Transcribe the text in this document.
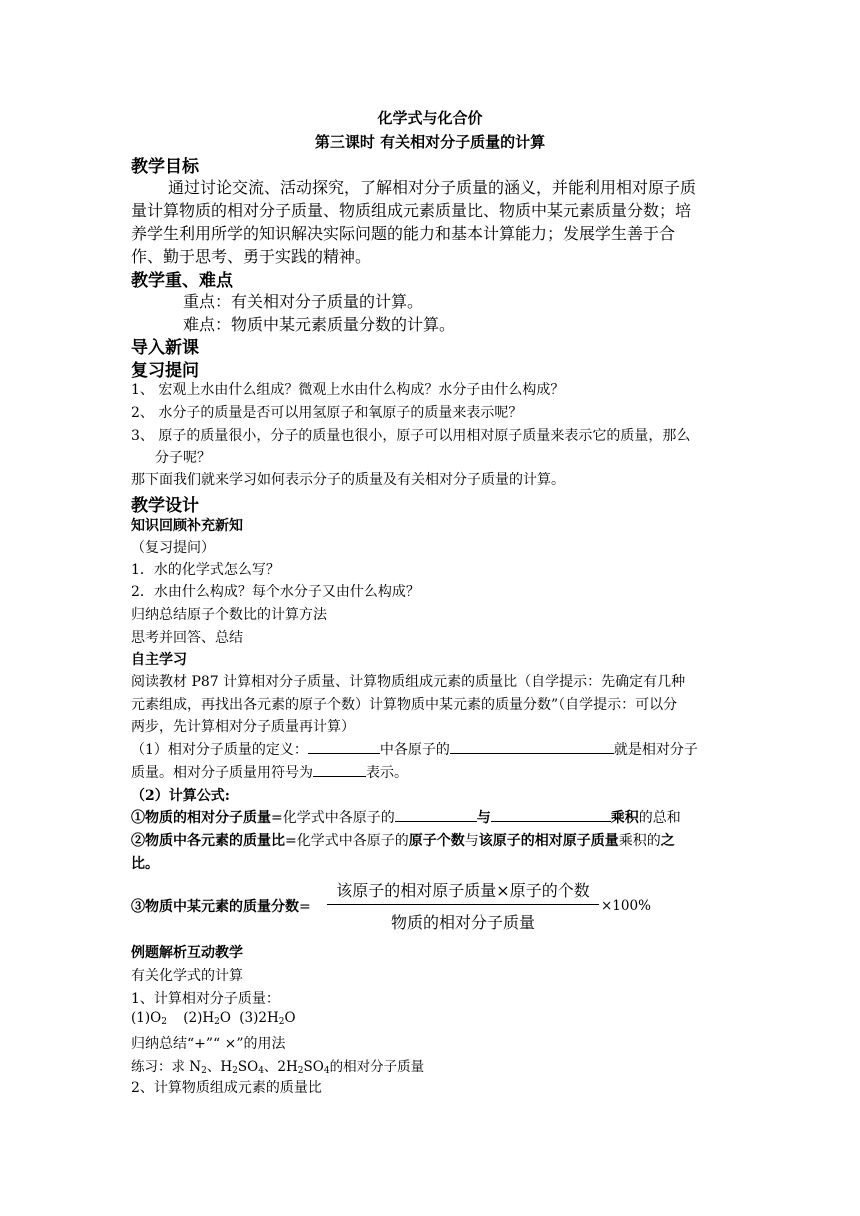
化学式与化合价
第三课时 有关相对分子质量的计算
教学目标
通过讨论交流、活动探究，了解相对分子质量的涵义，并能利用相对原子质
量计算物质的相对分子质量、物质组成元素质量比、物质中某元素质量分数；培
养学生利用所学的知识解决实际问题的能力和基本计算能力；发展学生善于合
作、勤于思考、勇于实践的精神。
教学重、难点
重点：有关相对分子质量的计算。
难点：物质中某元素质量分数的计算。
导入新课
复习提问
1、 宏观上水由什么组成？微观上水由什么构成？水分子由什么构成？
2、 水分子的质量是否可以用氢原子和氧原子的质量来表示呢？
3、 原子的质量很小，分子的质量也很小，原子可以用相对原子质量来表示它的质量，那么
分子呢？
那下面我们就来学习如何表示分子的质量及有关相对分子质量的计算。
教学设计
知识回顾补充新知
（复习提问）
1．水的化学式怎么写？
2．水由什么构成？每个水分子又由什么构成？
归纳总结原子个数比的计算方法
思考并回答、总结
自主学习
阅读教材 P87 计算相对分子质量、计算物质组成元素的质量比（自学提示：先确定有几种
元素组成，再找出各元素的原子个数）计算物质中某元素的质量分数”（自学提示：可以分
两步，先计算相对分子质量再计算）
（1）相对分子质量的定义：	中各原子的	就是相对分子
质量。相对分子质量用符号为	表示。
（2）计算公式:
①物质的相对分子质量=化学式中各原子的	与	乘积的总和
②物质中各元素的质量比=化学式中各原子的原子个数与该原子的相对原子质量乘积的之
比。
③物质中某元素的质量分数=
该原子的相对原子质量×原子的个数
物质的相对分子质量
×100%
例题解析互动教学
有关化学式的计算
1、计算相对分子质量：
$(1)O_2$ $(2)H_2O$ $(3)2H_2O$
归纳总结“+”“ ×”的用法
练习：求 $N_2$、$H_2SO_4$、$2H_2SO_4$的相对分子质量
2、计算物质组成元素的质量比
